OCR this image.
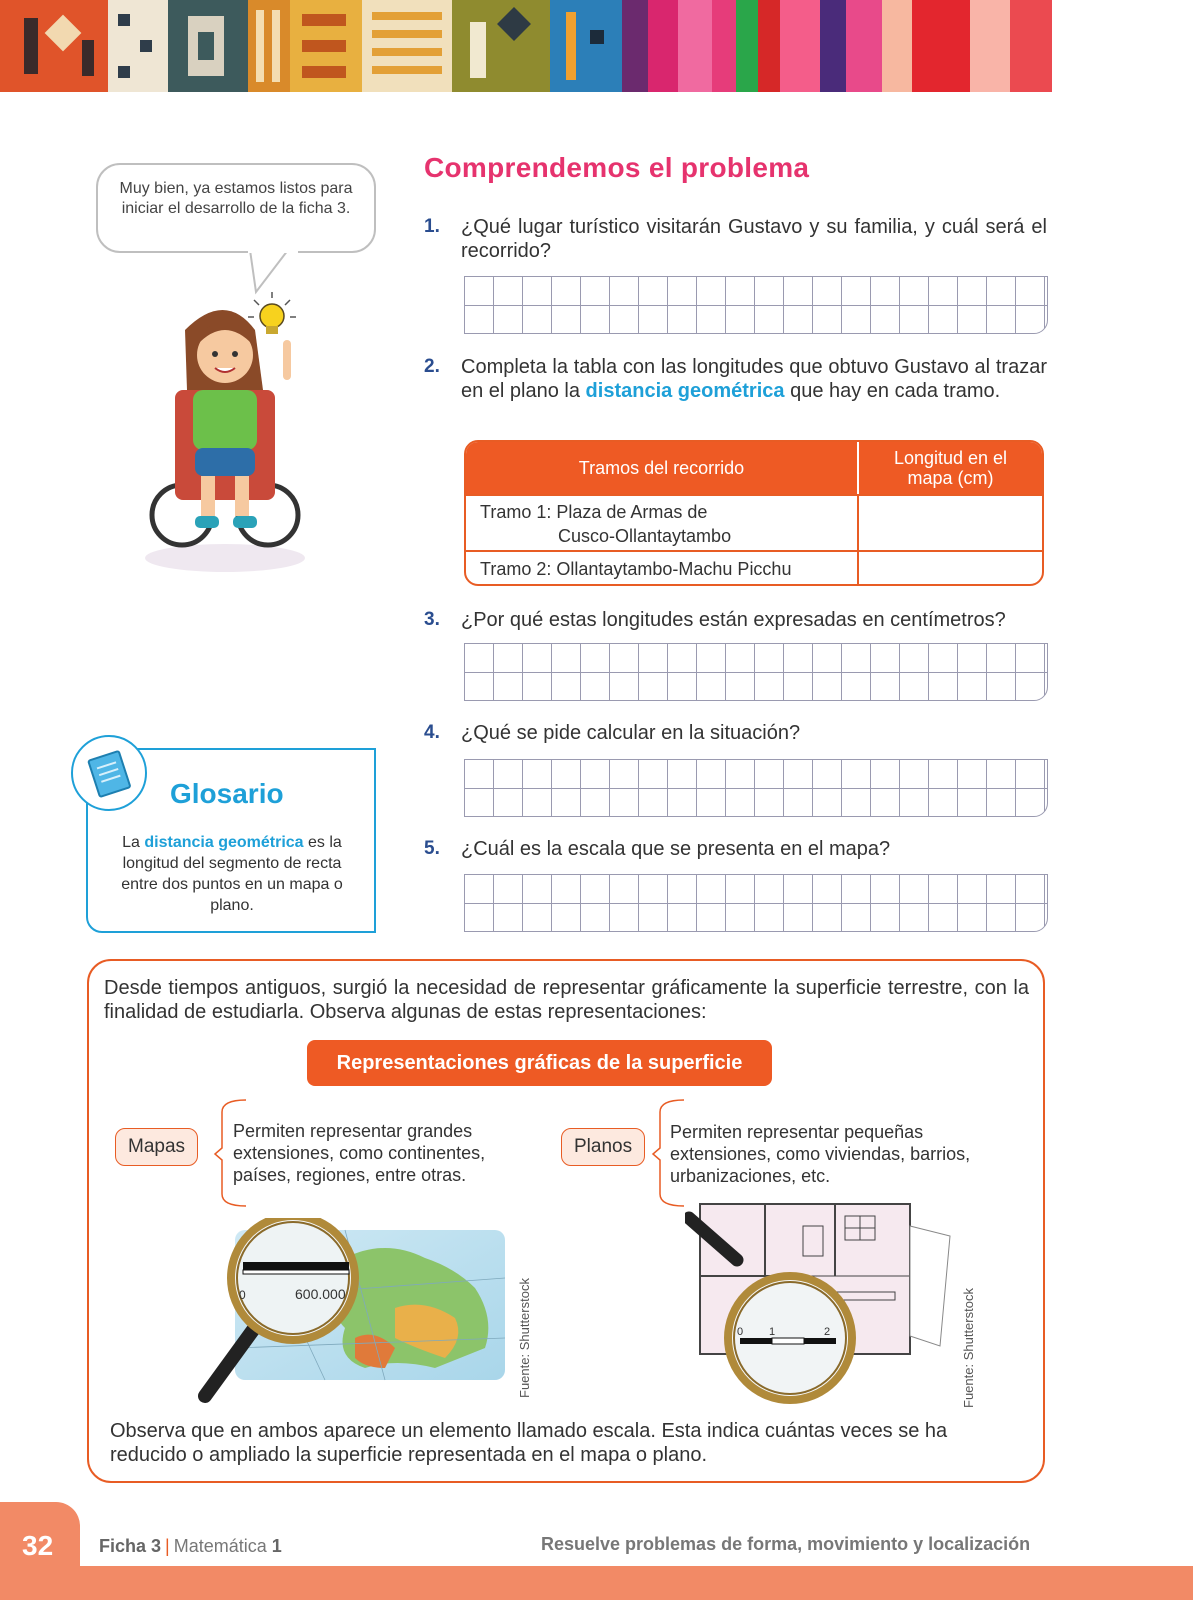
Muy bien, ya estamos listos para iniciar el desarrollo de la ficha 3.
Comprendemos el problema
1. ¿Qué lugar turístico visitarán Gustavo y su familia, y cuál será el recorrido?
2. Completa la tabla con las longitudes que obtuvo Gustavo al trazar en el plano la distancia geométrica que hay en cada tramo.
Tramos del recorrido	Longitud en el mapa (cm)
Tramo 1: Plaza de Armas de
Cusco-Ollantaytambo
Tramo 2: Ollantaytambo-Machu Picchu
3. ¿Por qué estas longitudes están expresadas en centímetros?
4. ¿Qué se pide calcular en la situación?
5. ¿Cuál es la escala que se presenta en el mapa?
Glosario
La distancia geométrica es la longitud del segmento de recta entre dos puntos en un mapa o plano.
Desde tiempos antiguos, surgió la necesidad de representar gráficamente la superficie terrestre, con la finalidad de estudiarla. Observa algunas de estas representaciones:
Representaciones gráficas de la superficie
Mapas
Permiten representar grandes extensiones, como continentes, países, regiones, entre otras.
Planos
Permiten representar pequeñas extensiones, como viviendas, barrios, urbanizaciones, etc.
0	600.000	Fuente: Shutterstock	0 1	2	Fuente: Shutterstock
Observa que en ambos aparece un elemento llamado escala. Esta indica cuántas veces se ha reducido o ampliado la superficie representada en el mapa o plano.
32	Ficha 3 | Matemática 1	Resuelve problemas de forma, movimiento y localización
